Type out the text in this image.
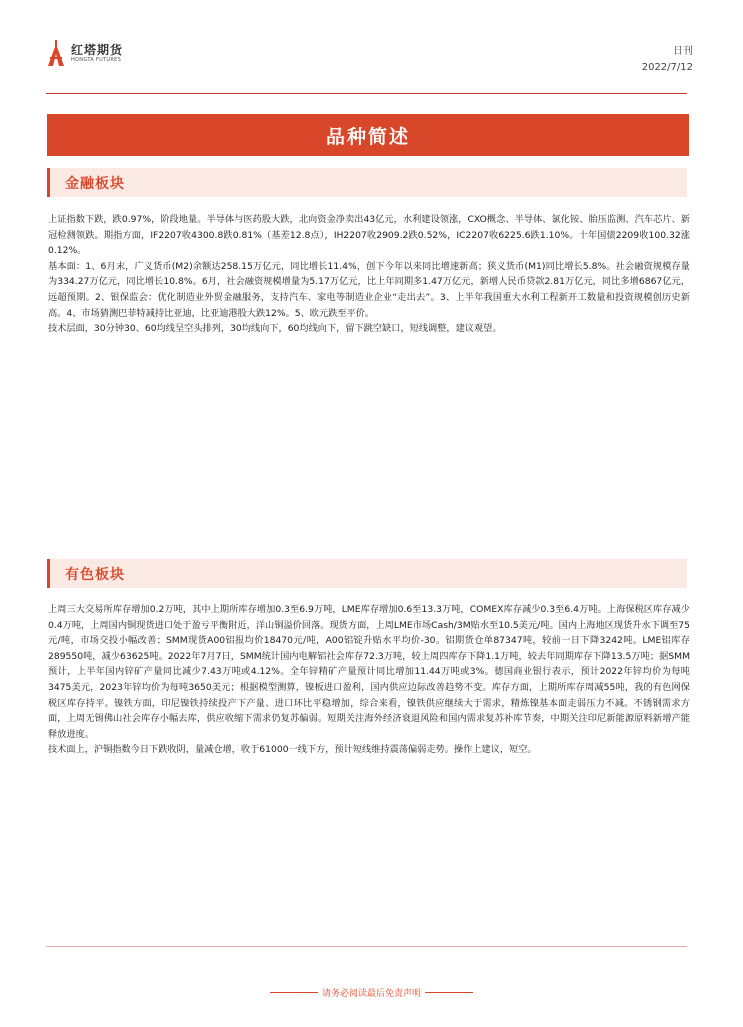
红塔期货
HONGTA FUTURES
日刊
2022/7/12
品种简述
金融板块

上证指数下跌，跌0.97%，阶段地量。半导体与医药股大跌，北向资金净卖出43亿元，水利建设领涨，CXO概念、半导体、氯化铵、胎压监测、汽车芯片、新冠检测领跌。期指方面，IF2207收4300.8跌0.81%（基差12.8点），IH2207收2909.2跌0.52%，IC2207收6225.6跌1.10%。十年国债2209收100.32涨0.12%。

基本面：1、6月末，广义货币(M2)余额达258.15万亿元，同比增长11.4%，创下今年以来同比增速新高；狭义货币(M1)同比增长5.8%。社会融资规模存量为334.27万亿元，同比增长10.8%。6月，社会融资规模增量为5.17万亿元，比上年同期多1.47万亿元，新增人民币贷款2.81万亿元，同比多增6867亿元，远超预期。2、银保监会：优化制造业外贸金融服务，支持汽车、家电等制造业企业“走出去”。3、上半年我国重大水利工程新开工数量和投资规模创历史新高。4、市场猜测巴菲特减持比亚迪，比亚迪港股大跌12%。5、欧元跌至平价。

技术层面，30分钟30、60均线呈空头排列，30均线向下，60均线向下，留下跳空缺口，短线调整，建议观望。

有色板块

上周三大交易所库存增加0.2万吨，其中上期所库存增加0.3至6.9万吨，LME库存增加0.6至13.3万吨，COMEX库存减少0.3至6.4万吨。上海保税区库存减少0.4万吨，上周国内铜现货进口处于盈亏平衡附近，洋山铜溢价回落。现货方面，上周LME市场Cash/3M贴水至10.5美元/吨。国内上海地区现货升水下调至75元/吨，市场交投小幅改善；SMM现货A00铝报均价18470元/吨，A00铝锭升贴水平均价-30。铝期货仓单87347吨，较前一日下降3242吨。LME铝库存289550吨，减少63625吨。2022年7月7日，SMM统计国内电解铝社会库存72.3万吨，较上周四库存下降1.1万吨，较去年同期库存下降13.5万吨；据SMM预计，上半年国内锌矿产量同比减少7.43万吨或4.12%。全年锌精矿产量预计同比增加11.44万吨或3%。德国商业银行表示，预计2022年锌均价为每吨3475美元，2023年锌均价为每吨3650美元；根据模型测算，镍板进口盈利，国内供应边际改善趋势不变。库存方面，上期所库存周减55吨，我的有色网保税区库存持平。镍铁方面，印尼镍铁持续投产下产量、进口环比平稳增加，综合来看，镍铁供应继续大于需求，精炼镍基本面走弱压力不减。不锈钢需求方面，上周无锡佛山社会库存小幅去库，供应收缩下需求仍复苏偏弱。短期关注海外经济衰退风险和国内需求复苏补库节奏，中期关注印尼新能源原料新增产能释放进度。

技术面上，沪铜指数今日下跌收阴，量减仓增，收于61000一线下方，预计短线维持震荡偏弱走势。操作上建议，短空。

请务必阅读最后免责声明
